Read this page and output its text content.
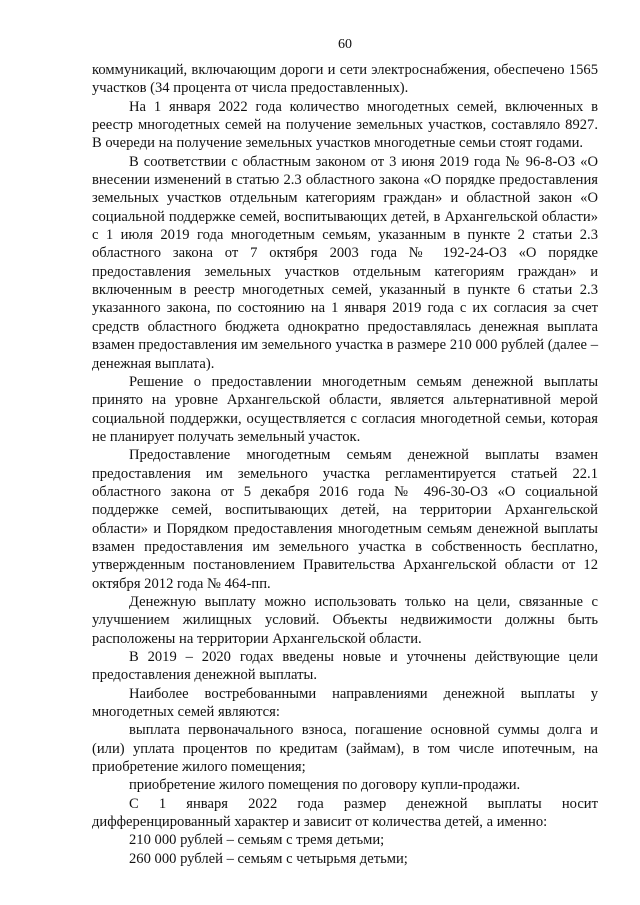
60

коммуникаций, включающим дороги и сети электроснабжения, обеспечено 1565 участков (34 процента от числа предоставленных).

На 1 января 2022 года количество многодетных семей, включенных в реестр многодетных семей на получение земельных участков, составляло 8927. В очереди на получение земельных участков многодетные семьи стоят годами.

В соответствии с областным законом от 3 июня 2019 года № 96-8-ОЗ «О внесении изменений в статью 2.3 областного закона «О порядке предоставления земельных участков отдельным категориям граждан» и областной закон «О социальной поддержке семей, воспитывающих детей, в Архангельской области» с 1 июля 2019 года многодетным семьям, указанным в пункте 2 статьи 2.3 областного закона от 7 октября 2003 года № 192-24-ОЗ «О порядке предоставления земельных участков отдельным категориям граждан» и включенным в реестр многодетных семей, указанный в пункте 6 статьи 2.3 указанного закона, по состоянию на 1 января 2019 года с их согласия за счет средств областного бюджета однократно предоставлялась денежная выплата взамен предоставления им земельного участка в размере 210 000 рублей (далее – денежная выплата).

Решение о предоставлении многодетным семьям денежной выплаты принято на уровне Архангельской области, является альтернативной мерой социальной поддержки, осуществляется с согласия многодетной семьи, которая не планирует получать земельный участок.

Предоставление многодетным семьям денежной выплаты взамен предоставления им земельного участка регламентируется статьей 22.1 областного закона от 5 декабря 2016 года № 496-30-ОЗ «О социальной поддержке семей, воспитывающих детей, на территории Архангельской области» и Порядком предоставления многодетным семьям денежной выплаты взамен предоставления им земельного участка в собственность бесплатно, утвержденным постановлением Правительства Архангельской области от 12 октября 2012 года № 464-пп.

Денежную выплату можно использовать только на цели, связанные с улучшением жилищных условий. Объекты недвижимости должны быть расположены на территории Архангельской области.

В 2019 – 2020 годах введены новые и уточнены действующие цели предоставления денежной выплаты.

Наиболее востребованными направлениями денежной выплаты у многодетных семей являются:

выплата первоначального взноса, погашение основной суммы долга и (или) уплата процентов по кредитам (займам), в том числе ипотечным, на приобретение жилого помещения;

приобретение жилого помещения по договору купли-продажи.

С 1 января 2022 года размер денежной выплаты носит дифференцированный характер и зависит от количества детей, а именно:

210 000 рублей – семьям с тремя детьми;

260 000 рублей – семьям с четырьмя детьми;
